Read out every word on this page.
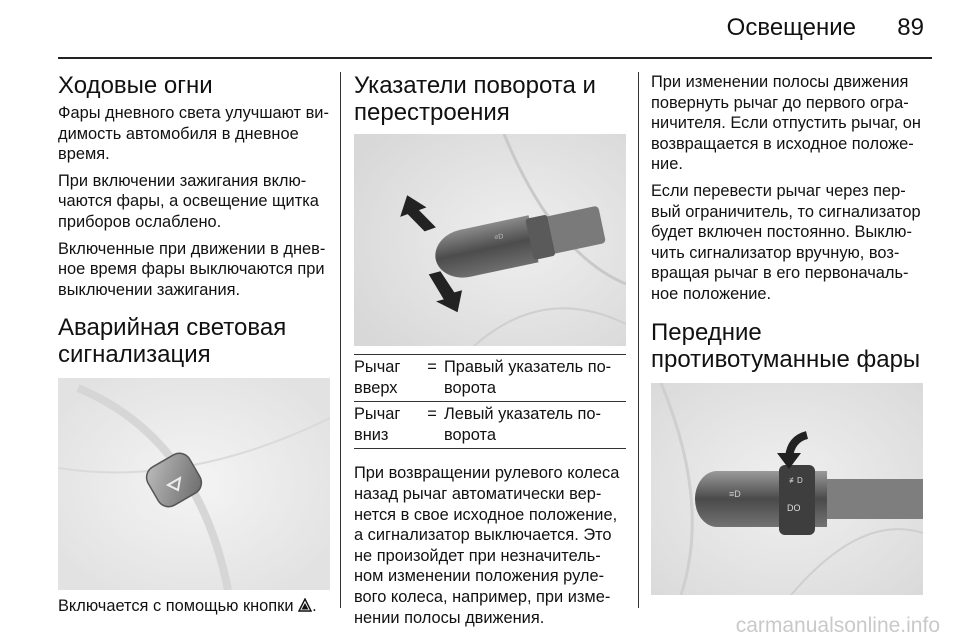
Освещение 89
Ходовые огни

Фары дневного света улучшают ви-димость автомобиля в дневное время.

При включении зажигания вклю-чаются фары, а освещение щитка приборов ослаблено.

Включенные при движении в днев-ное время фары выключаются при выключении зажигания.

Аварийная световая сигнализация

Включается с помощью кнопки .

Указатели поворота и перестроения
≡D
Рычаг вверх
= Правый указатель по-ворота
Рычаг вниз
= Левый указатель по-ворота

При возвращении рулевого колеса назад рычаг автоматически вер-нется в свое исходное положение, а сигнализатор выключается. Это не произойдет при незначитель-ном изменении положения руле-вого колеса, например, при изме-нении полосы движения.

При изменении полосы движения повернуть рычаг до первого огра-ничителя. Если отпустить рычаг, он возвращается в исходное положе-ние.

Если перевести рычаг через пер-вый ограничитель, то сигнализатор будет включен постоянно. Выклю-чить сигнализатор вручную, воз-вращая рычаг в его первоначаль-ное положение.

Передние противотуманные фары
≡D
≢D
DO
carmanualsonline.info
